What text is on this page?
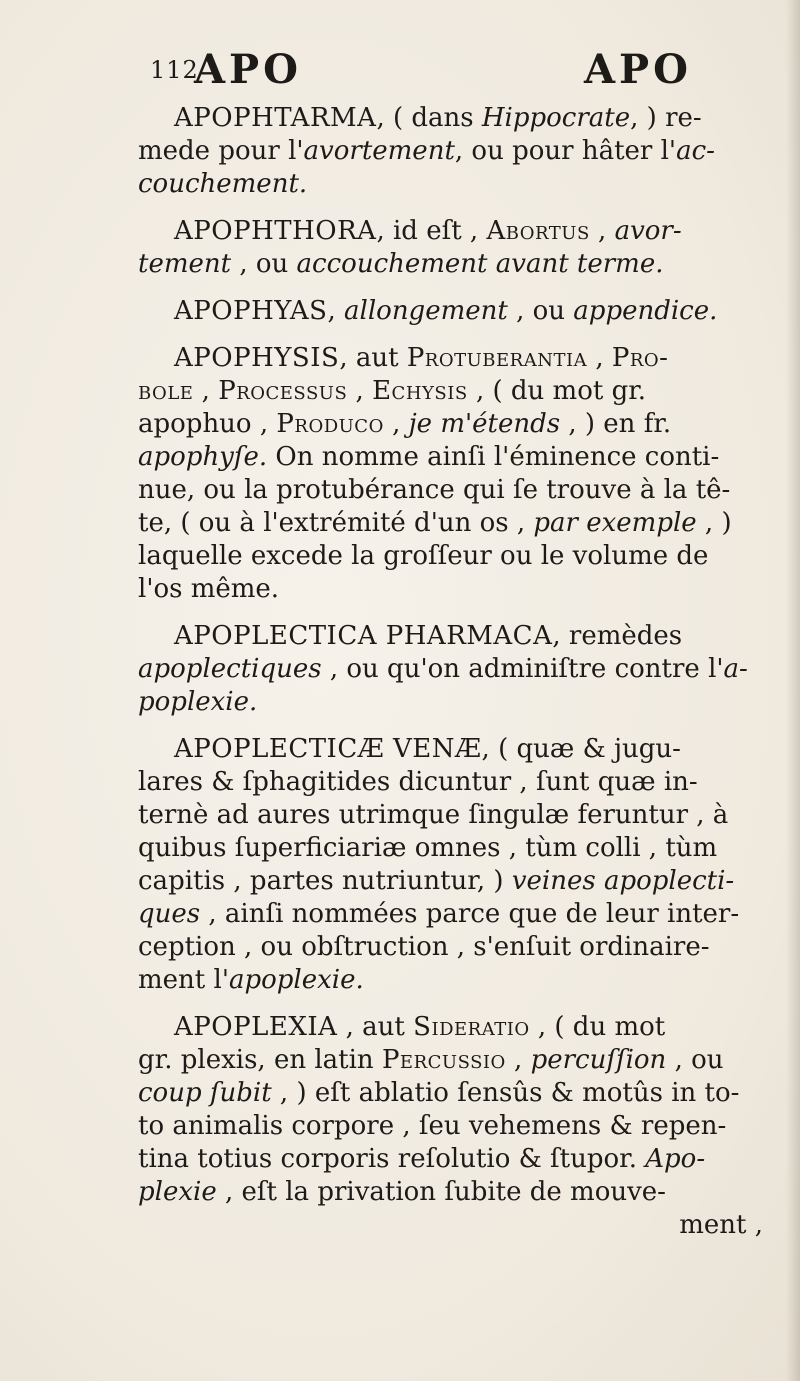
112
APO	APO
APOPHTARMA, ( dans Hippocrate, ) re-
mede pour l'avortement, ou pour hâter l'ac-
couchement.
APOPHTHORA, id eſt , Abortus , avor-
tement , ou accouchement avant terme.
APOPHYAS, allongement , ou appendice.
APOPHYSIS, aut Protuberantia , Pro-
bole , Processus , Echysis , ( du mot gr.
apophuo , Produco , je m'étends , ) en fr.
apophyſe. On nomme ainſi l'éminence conti-
nue, ou la protubérance qui ſe trouve à la tê-
te, ( ou à l'extrémité d'un os , par exemple , )
laquelle excede la groſſeur ou le volume de
l'os même.
APOPLECTICA PHARMACA, remèdes
apoplectiques , ou qu'on adminiſtre contre l'a-
poplexie.
APOPLECTICÆ VENÆ, ( quæ & jugu-
lares & ſphagitides dicuntur , ſunt quæ in-
ternè ad aures utrimque ſingulæ feruntur , à
quibus ſuperficiariæ omnes , tùm colli , tùm
capitis , partes nutriuntur, ) veines apoplecti-
ques , ainſi nommées parce que de leur inter-
ception , ou obſtruction , s'enſuit ordinaire-
ment l'apoplexie.
APOPLEXIA , aut Sideratio , ( du mot
gr. plexis, en latin Percussio , percuſſion , ou
coup ſubit , ) eſt ablatio ſensûs & motûs in to-
to animalis corpore , ſeu vehemens & repen-
tina totius corporis reſolutio & ſtupor. Apo-
plexie , eſt la privation ſubite de mouve-
ment ,
